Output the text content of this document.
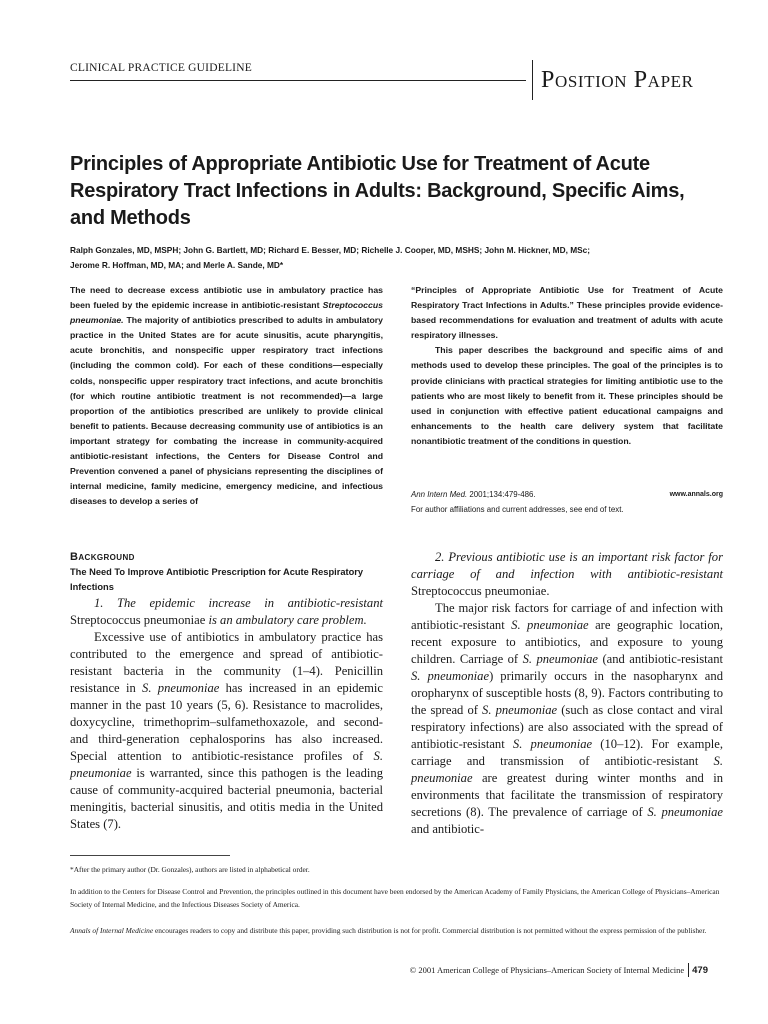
CLINICAL PRACTICE GUIDELINE	Position Paper
Principles of Appropriate Antibiotic Use for Treatment of Acute
Respiratory Tract Infections in Adults: Background, Specific Aims,
and Methods
Ralph Gonzales, MD, MSPH; John G. Bartlett, MD; Richard E. Besser, MD; Richelle J. Cooper, MD, MSHS; John M. Hickner, MD, MSc;
Jerome R. Hoffman, MD, MA; and Merle A. Sande, MD*

The need to decrease excess antibiotic use in ambulatory practice has been fueled by the epidemic increase in antibiotic-resistant Streptococcus pneumoniae. The majority of antibiotics prescribed to adults in ambulatory practice in the United States are for acute sinusitis, acute pharyngitis, acute bronchitis, and nonspecific upper respiratory tract infections (including the common cold). For each of these conditions—especially colds, nonspecific upper respiratory tract infections, and acute bronchitis (for which routine antibiotic treatment is not recommended)—a large proportion of the antibiotics prescribed are unlikely to provide clinical benefit to patients. Because decreasing community use of antibiotics is an important strategy for combating the increase in community-acquired antibiotic-resistant infections, the Centers for Disease Control and Prevention convened a panel of physicians representing the disciplines of internal medicine, family medicine, emergency medicine, and infectious diseases to develop a series of

“Principles of Appropriate Antibiotic Use for Treatment of Acute Respiratory Tract Infections in Adults.” These principles provide evidence-based recommendations for evaluation and treatment of adults with acute respiratory illnesses.

This paper describes the background and specific aims of and methods used to develop these principles. The goal of the principles is to provide clinicians with practical strategies for limiting antibiotic use to the patients who are most likely to benefit from it. These principles should be used in conjunction with effective patient educational campaigns and enhancements to the health care delivery system that facilitate nonantibiotic treatment of the conditions in question.

Ann Intern Med. 2001;134:479-486.	www.annals.org
For author affiliations and current addresses, see end of text.
Background
The Need To Improve Antibiotic Prescription for Acute Respiratory Infections

1. The epidemic increase in antibiotic-resistant Streptococcus pneumoniae is an ambulatory care problem.

Excessive use of antibiotics in ambulatory practice has contributed to the emergence and spread of antibiotic-resistant bacteria in the community (1–4). Penicillin resistance in S. pneumoniae has increased in an epidemic manner in the past 10 years (5, 6). Resistance to macrolides, doxycycline, trimethoprim–sulfamethoxazole, and second- and third-generation cephalosporins has also increased. Special attention to antibiotic-resistance profiles of S. pneumoniae is warranted, since this pathogen is the leading cause of community-acquired bacterial pneumonia, bacterial meningitis, bacterial sinusitis, and otitis media in the United States (7).

2. Previous antibiotic use is an important risk factor for carriage of and infection with antibiotic-resistant Streptococcus pneumoniae.

The major risk factors for carriage of and infection with antibiotic-resistant S. pneumoniae are geographic location, recent exposure to antibiotics, and exposure to young children. Carriage of S. pneumoniae (and antibiotic-resistant S. pneumoniae) primarily occurs in the nasopharynx and oropharynx of susceptible hosts (8, 9). Factors contributing to the spread of S. pneumoniae (such as close contact and viral respiratory infections) are also associated with the spread of antibiotic-resistant S. pneumoniae (10–12). For example, carriage and transmission of antibiotic-resistant S. pneumoniae are greatest during winter months and in environments that facilitate the transmission of respiratory secretions (8). The prevalence of carriage of S. pneumoniae and antibiotic-

*After the primary author (Dr. Gonzales), authors are listed in alphabetical order.
In addition to the Centers for Disease Control and Prevention, the principles outlined in this document have been endorsed by the American Academy of Family Physicians, the American College of Physicians–American Society of Internal Medicine, and the Infectious Diseases Society of America.
Annals of Internal Medicine encourages readers to copy and distribute this paper, providing such distribution is not for profit. Commercial distribution is not permitted without the express permission of the publisher.
© 2001 American College of Physicians–American Society of Internal Medicine 479
